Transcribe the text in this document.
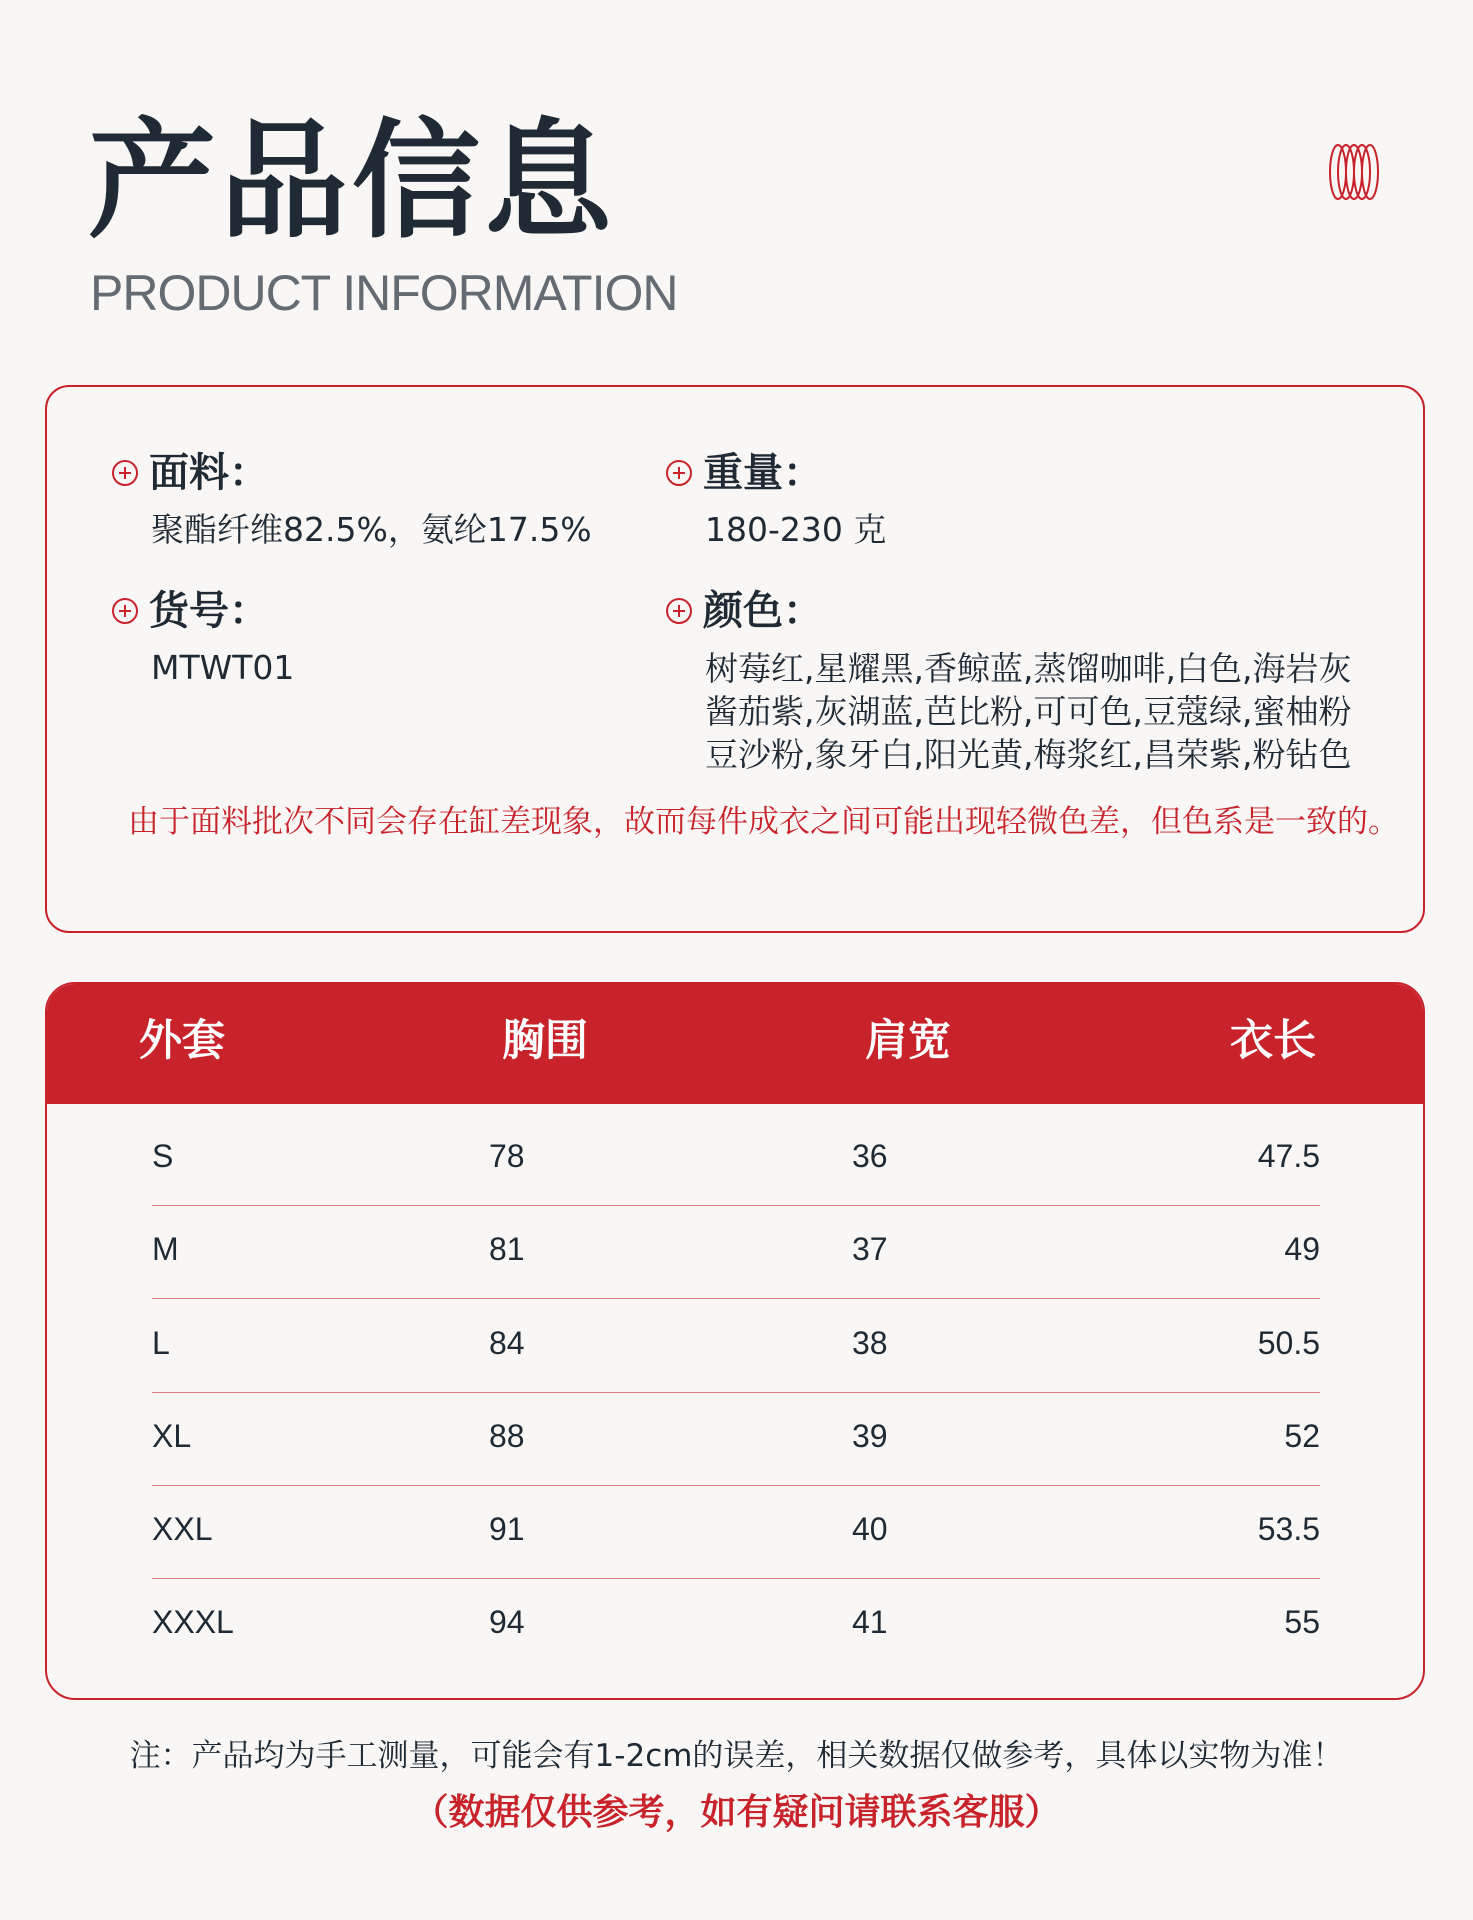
产品信息
PRODUCT INFORMATION
面料：
聚酯纤维82.5%，氨纶17.5%
重量：
180-230 克
货号：
MTWT01
颜色：
树莓红,星耀黑,香鲸蓝,蒸馏咖啡,白色,海岩灰
酱茄紫,灰湖蓝,芭比粉,可可色,豆蔻绿,蜜柚粉
豆沙粉,象牙白,阳光黄,梅浆红,昌荣紫,粉钻色
由于面料批次不同会存在缸差现象，故而每件成衣之间可能出现轻微色差，但色系是一致的。
外套	胸围	肩宽	衣长
S	78	36	47.5
M	81	37	49
L	84	38	50.5
XL	88	39	52
XXL	91	40	53.5
XXXL	94	41	55
注：产品均为手工测量，可能会有1-2cm的误差，相关数据仅做参考，具体以实物为准！
（数据仅供参考，如有疑问请联系客服）
